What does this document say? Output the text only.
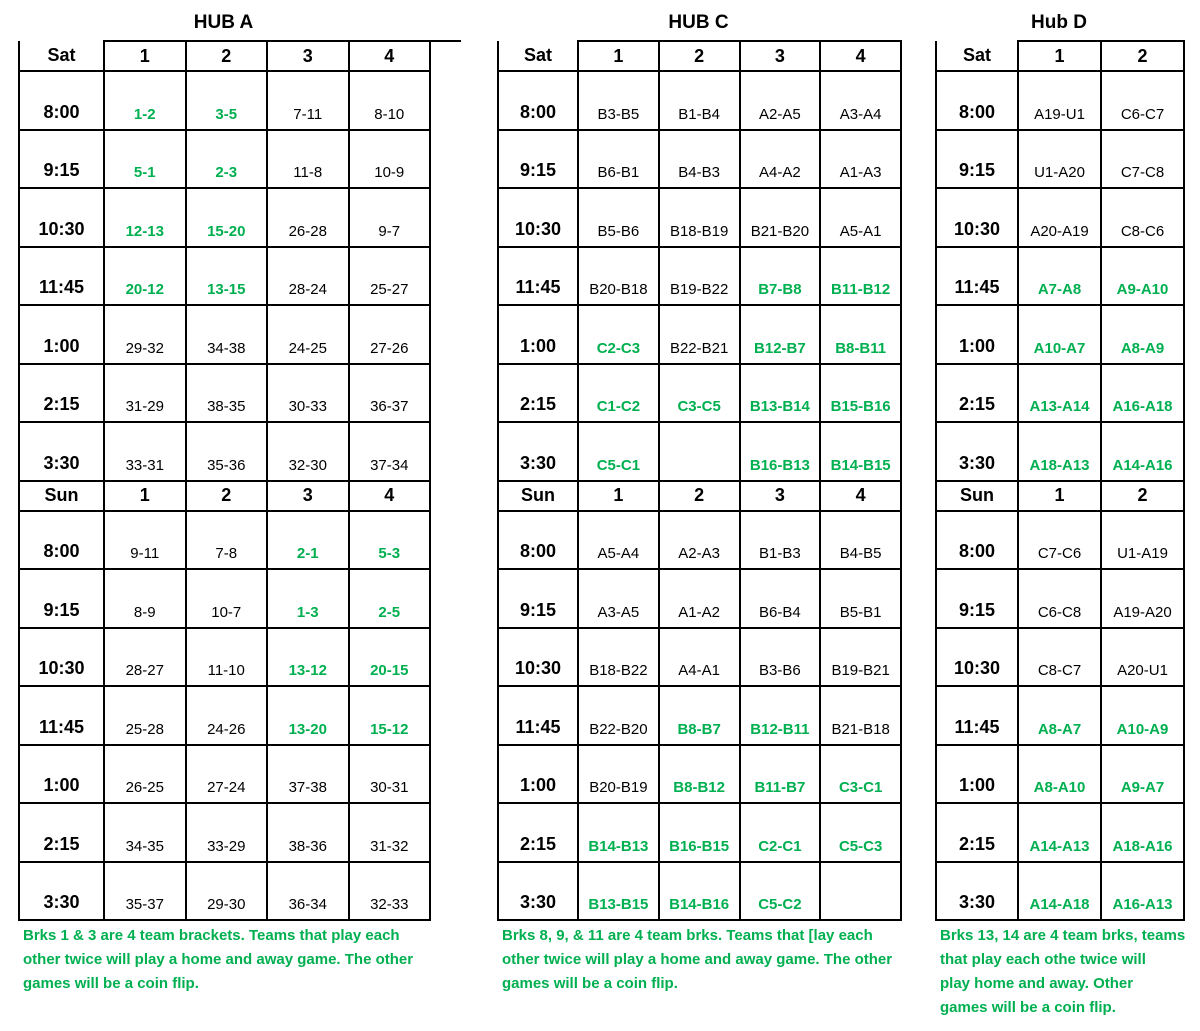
HUB A
Sat	1	2	3	4
8:00	1-2	3-5	7-11	8-10
9:15	5-1	2-3	11-8	10-9
10:30	12-13	15-20	26-28	9-7
11:45	20-12	13-15	28-24	25-27
1:00	29-32	34-38	24-25	27-26
2:15	31-29	38-35	30-33	36-37
3:30	33-31	35-36	32-30	37-34
Sun	1	2	3	4
8:00	9-11	7-8	2-1	5-3
9:15	8-9	10-7	1-3	2-5
10:30	28-27	11-10	13-12	20-15
11:45	25-28	24-26	13-20	15-12
1:00	26-25	27-24	37-38	30-31
2:15	34-35	33-29	38-36	31-32
3:30	35-37	29-30	36-34	32-33
Brks 1 & 3 are 4 team brackets. Teams that play each
other twice will play a home and away game. The other
games will be a coin flip.
HUB C
Sat	1	2	3	4
8:00	B3-B5	B1-B4	A2-A5	A3-A4
9:15	B6-B1	B4-B3	A4-A2	A1-A3
10:30	B5-B6	B18-B19	B21-B20	A5-A1
11:45	B20-B18	B19-B22	B7-B8	B11-B12
1:00	C2-C3	B22-B21	B12-B7	B8-B11
2:15	C1-C2	C3-C5	B13-B14	B15-B16
3:30	C5-C1		B16-B13	B14-B15
Sun	1	2	3	4
8:00	A5-A4	A2-A3	B1-B3	B4-B5
9:15	A3-A5	A1-A2	B6-B4	B5-B1
10:30	B18-B22	A4-A1	B3-B6	B19-B21
11:45	B22-B20	B8-B7	B12-B11	B21-B18
1:00	B20-B19	B8-B12	B11-B7	C3-C1
2:15	B14-B13	B16-B15	C2-C1	C5-C3
3:30	B13-B15	B14-B16	C5-C2	
Brks 8, 9, & 11 are 4 team brks. Teams that [lay each
other twice will play a home and away game. The other
games will be a coin flip.
Hub D
Sat	1	2
8:00	A19-U1	C6-C7
9:15	U1-A20	C7-C8
10:30	A20-A19	C8-C6
11:45	A7-A8	A9-A10
1:00	A10-A7	A8-A9
2:15	A13-A14	A16-A18
3:30	A18-A13	A14-A16
Sun	1	2
8:00	C7-C6	U1-A19
9:15	C6-C8	A19-A20
10:30	C8-C7	A20-U1
11:45	A8-A7	A10-A9
1:00	A8-A10	A9-A7
2:15	A14-A13	A18-A16
3:30	A14-A18	A16-A13
Brks 13, 14 are 4 team brks, teams
that play each othe twice will
play home and away. Other
games will be a coin flip.
